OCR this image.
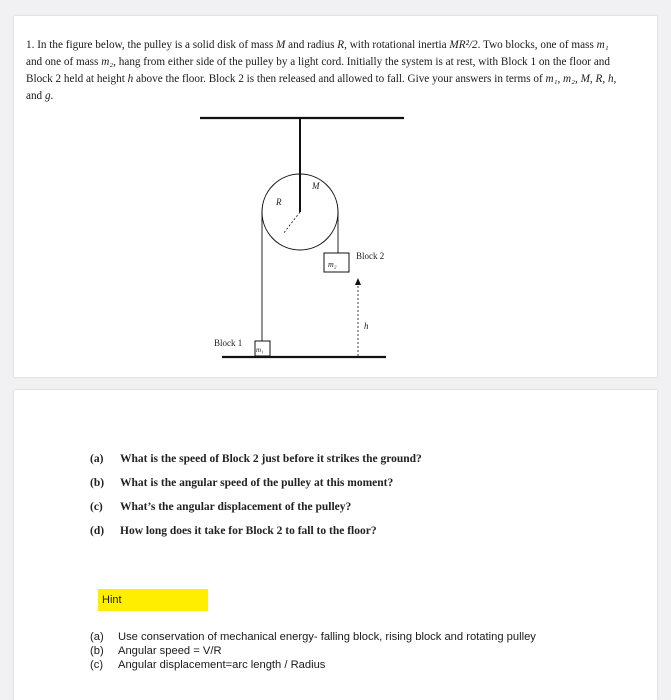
1. In the figure below, the pulley is a solid disk of mass M and radius R, with rotational inertia MR²/2. Two blocks, one of mass m₁ and one of mass m₂, hang from either side of the pulley by a light cord. Initially the system is at rest, with Block 1 on the floor and Block 2 held at height h above the floor. Block 2 is then released and allowed to fall. Give your answers in terms of m₁, m₂, M, R, h, and g.
R
M
m₂
Block 2
h
m₁
Block 1
(a)	What is the speed of Block 2 just before it strikes the ground?
(b)	What is the angular speed of the pulley at this moment?
(c)	What’s the angular displacement of the pulley?
(d)	How long does it take for Block 2 to fall to the floor?
Hint
(a)	Use conservation of mechanical energy- falling block, rising block and rotating pulley
(b)	Angular speed = V/R
(c)	Angular displacement=arc length / Radius
